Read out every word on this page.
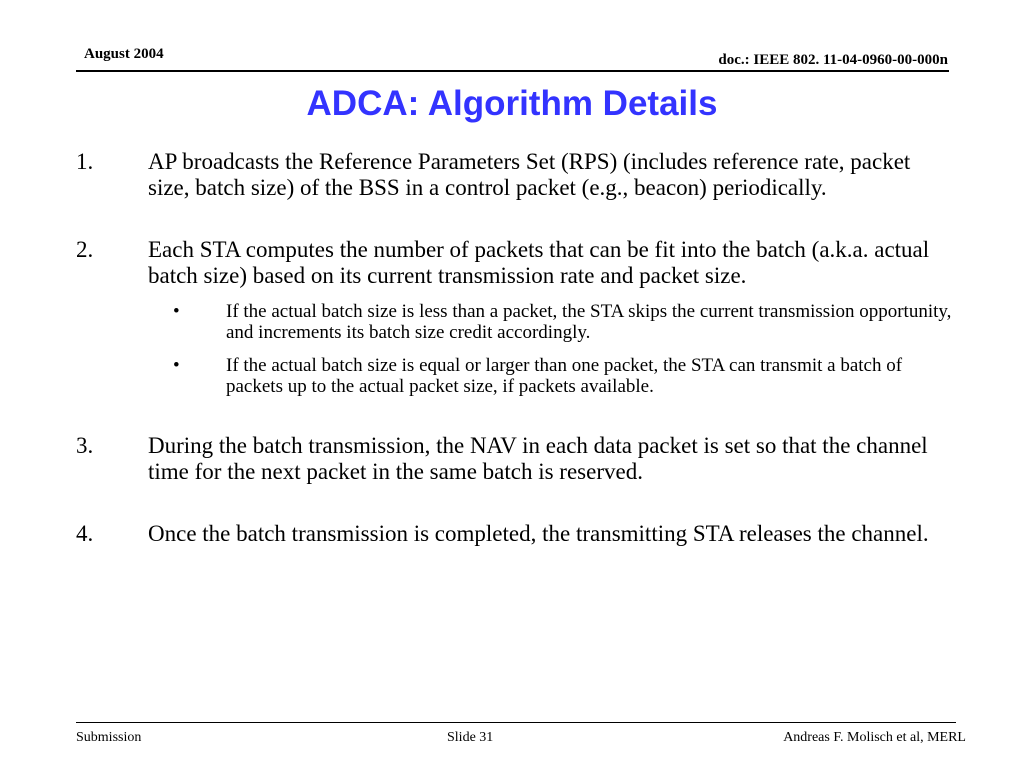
August 2004	doc.: IEEE 802. 11-04-0960-00-000n
ADCA: Algorithm Details
1.	AP broadcasts the Reference Parameters Set (RPS) (includes reference rate, packet size, batch size) of the BSS in a control packet (e.g., beacon) periodically.
2.	Each STA computes the number of packets that can be fit into the batch (a.k.a. actual batch size) based on its current transmission rate and packet size.
•	If the actual batch size is less than a packet, the STA skips the current transmission opportunity, and increments its batch size credit accordingly.
•	If the actual batch size is equal or larger than one packet, the STA can transmit a batch of packets up to the actual packet size, if packets available.
3.	During the batch transmission, the NAV in each data packet is set so that the channel time for the next packet in the same batch is reserved.
4.	Once the batch transmission is completed, the transmitting STA releases the channel.
Submission	Slide 31	Andreas F. Molisch et al, MERL
